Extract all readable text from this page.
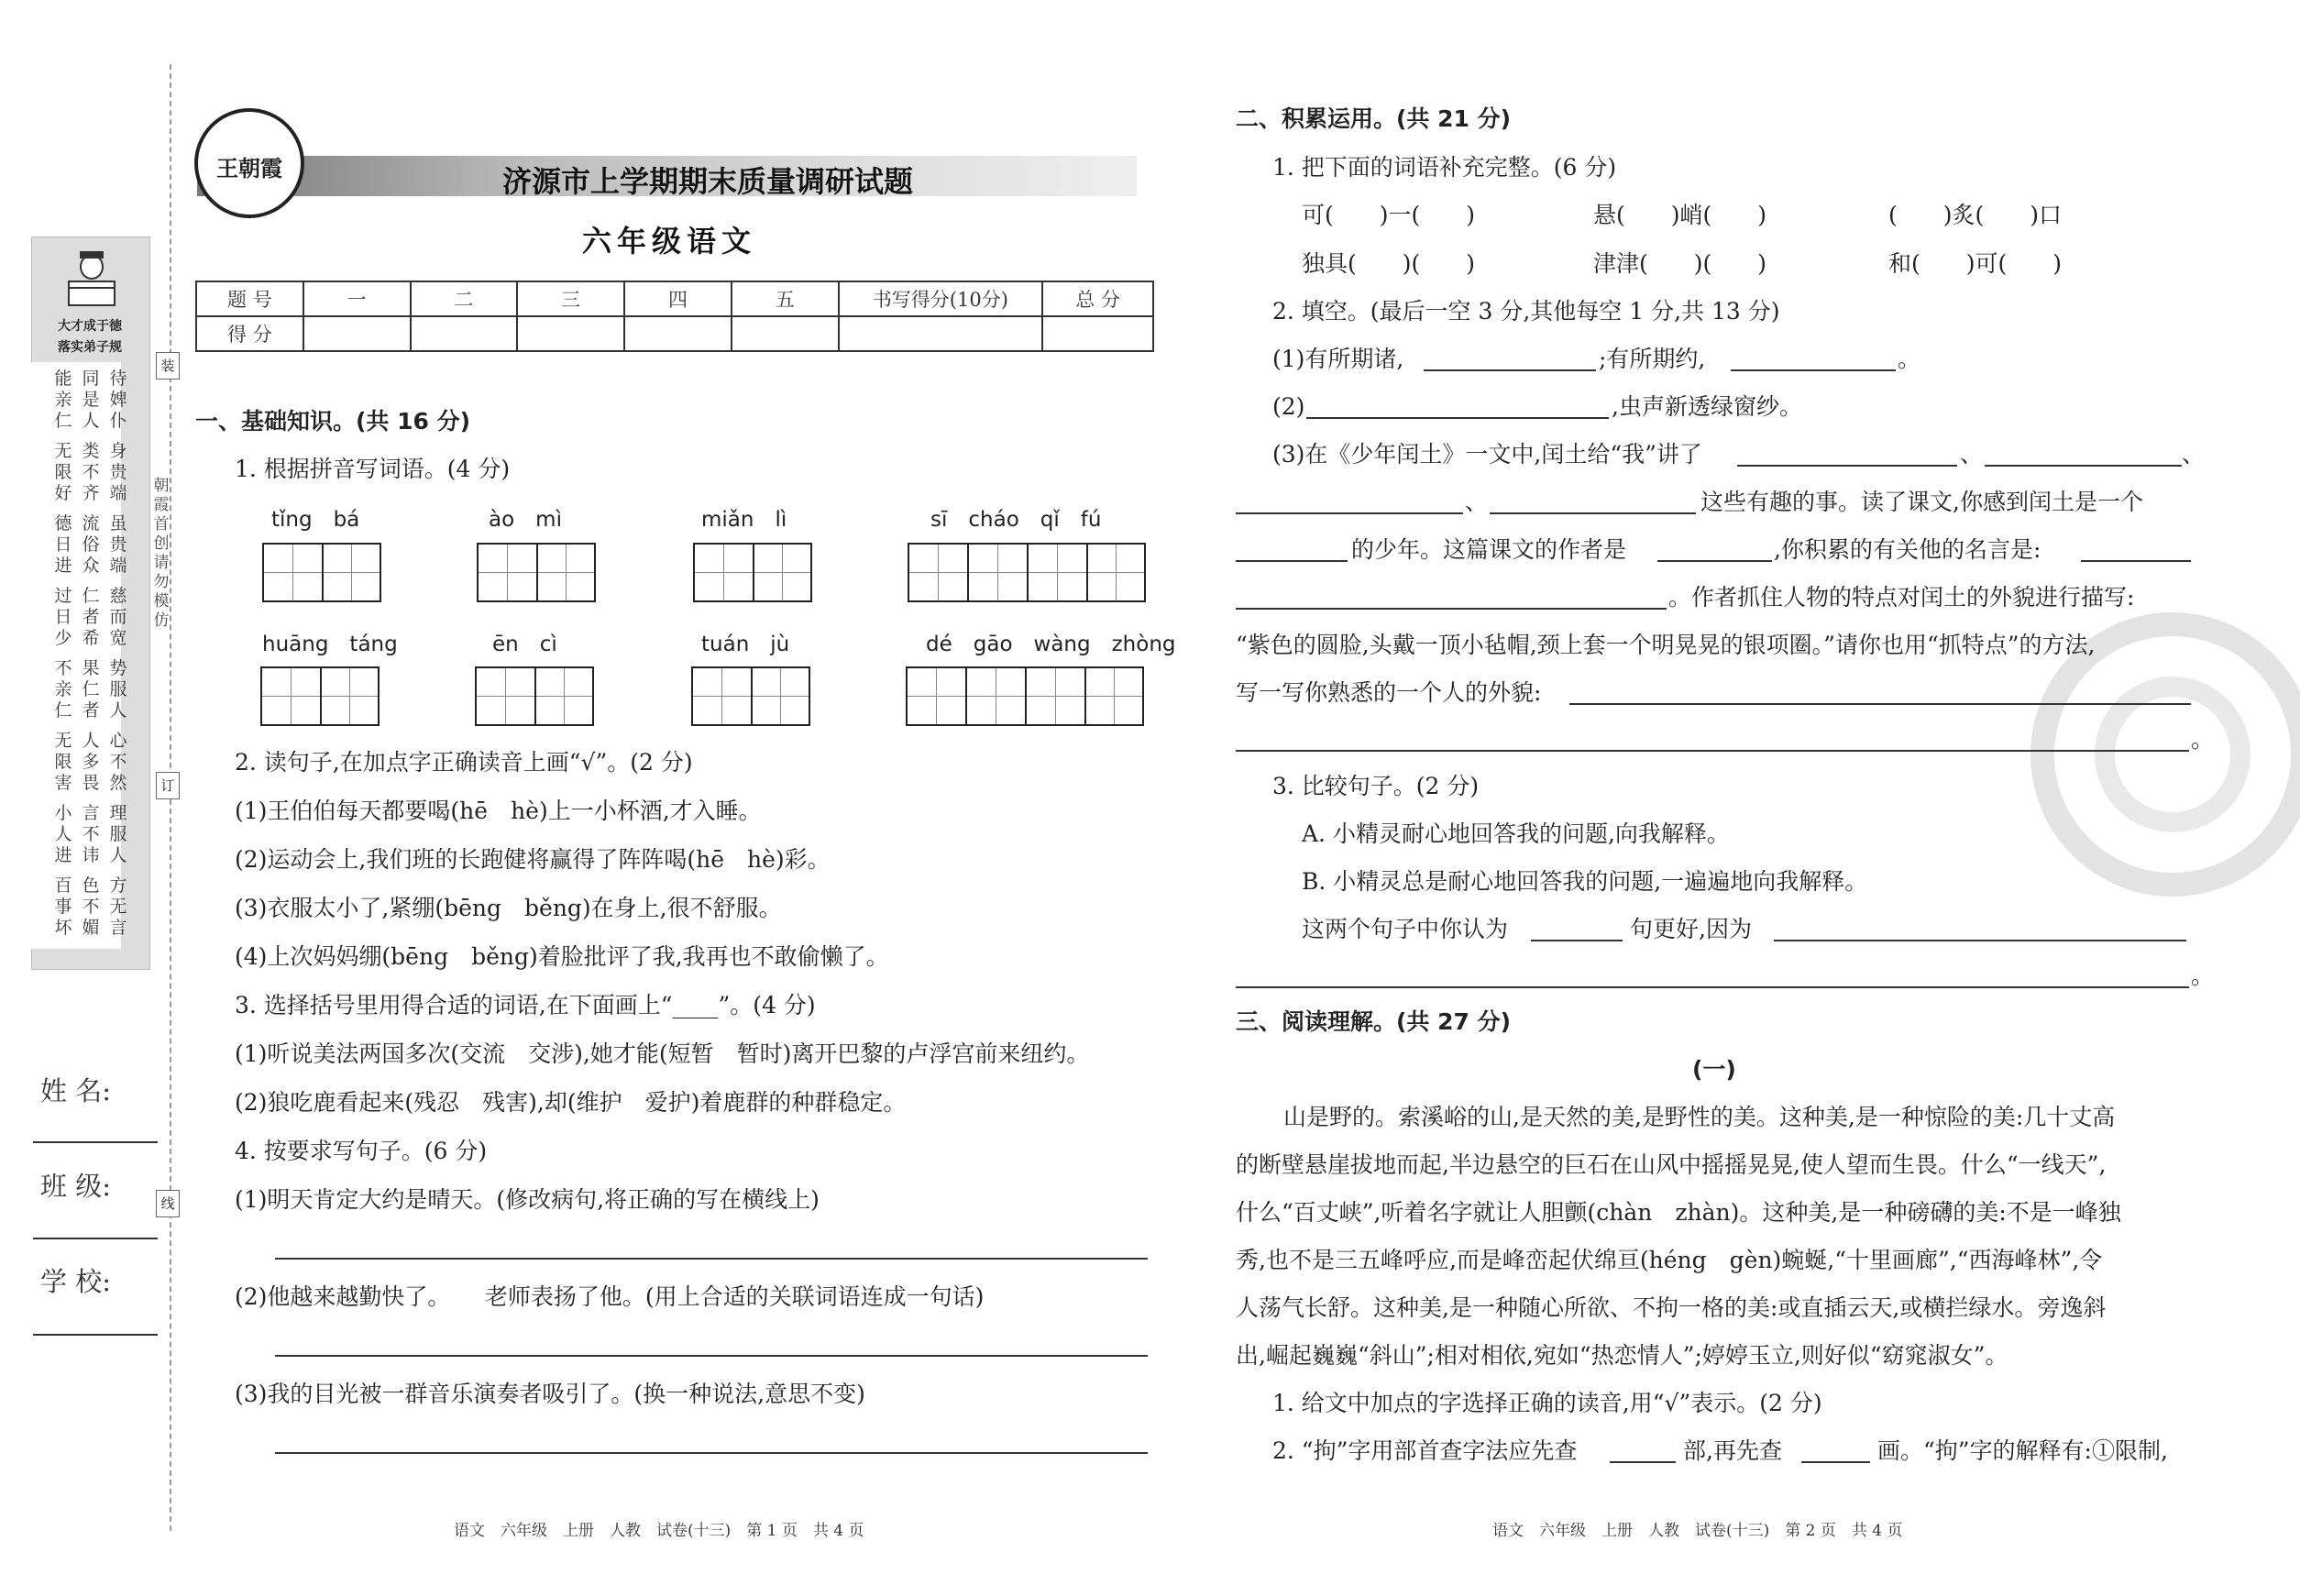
大才成于徳
落实弟子规
能亲仁
同是人
待婢仆
无限好
类不齐
身贵端
德日进
流俗众
虽贵端
过日少
仁者希
慈而宽
不亲仁
果仁者
势服人
无限害
人多畏
心不然
小人进
言不讳
理服人
百事坏
色不媚
方无言
朝霞首创请勿模仿
装
订
线
姓 名:
班 级:
学 校:
王朝霞	济源市上学期期末质量调研试题
六年级语文
题 号	一	二	三	四	五	书写得分(10分)	总 分
得 分							
一、基础知识。(共 16 分)
1. 根据拼音写词语。(4 分)
tǐng　bá	ào　mì	miǎn　lì	sī　cháo　qǐ　fú
huāng　táng	ēn　cì	tuán　jù	dé　gāo　wàng　zhòng
2. 读句子,在加点字正确读音上画“√”。(2 分)
(1)王伯伯每天都要喝(hē　hè)上一小杯酒,才入睡。
(2)运动会上,我们班的长跑健将赢得了阵阵喝(hē　hè)彩。
(3)衣服太小了,紧绷(bēng　běng)在身上,很不舒服。
(4)上次妈妈绷(bēng　běng)着脸批评了我,我再也不敢偷懒了。
3. 选择括号里用得合适的词语,在下面画上“____”。(4 分)
(1)听说美法两国多次(交流　交涉),她才能(短暂　暂时)离开巴黎的卢浮宫前来纽约。
(2)狼吃鹿看起来(残忍　残害),却(维护　爱护)着鹿群的种群稳定。
4. 按要求写句子。(6 分)
(1)明天肯定大约是晴天。(修改病句,将正确的写在横线上)
(2)他越来越勤快了。　　老师表扬了他。(用上合适的关联词语连成一句话)
(3)我的目光被一群音乐演奏者吸引了。(换一种说法,意思不变)
语文　六年级　上册　人教　试卷(十三)　第 1 页　共 4 页
二、积累运用。(共 21 分)
1. 把下面的词语补充完整。(6 分)
可(　　)一(　　)	悬(　　)峭(　　)	(　　)炙(　　)口
独具(　　)(　　)	津津(　　)(　　)	和(　　)可(　　)
2. 填空。(最后一空 3 分,其他每空 1 分,共 13 分)
(1)有所期诸,	;有所期约,	。
(2)	,虫声新透绿窗纱。
(3)在《少年闰土》一文中,闰土给“我”讲了	、	、
、	这些有趣的事。读了课文,你感到闰土是一个
的少年。这篇课文的作者是	,你积累的有关他的名言是:
。作者抓住人物的特点对闰土的外貌进行描写:
“紫色的圆脸,头戴一顶小毡帽,颈上套一个明晃晃的银项圈。”请你也用“抓特点”的方法,
写一写你熟悉的一个人的外貌:
。
3. 比较句子。(2 分)
A. 小精灵耐心地回答我的问题,向我解释。
B. 小精灵总是耐心地回答我的问题,一遍遍地向我解释。
这两个句子中你认为	句更好,因为
。
三、阅读理解。(共 27 分)
(一)
山是野的。索溪峪的山,是天然的美,是野性的美。这种美,是一种惊险的美:几十丈高
的断壁悬崖拔地而起,半边悬空的巨石在山风中摇摇晃晃,使人望而生畏。什么“一线天”,
什么“百丈峡”,听着名字就让人胆颤(chàn　zhàn)。这种美,是一种磅礴的美:不是一峰独
秀,也不是三五峰呼应,而是峰峦起伏绵亘(héng　gèn)蜿蜒,“十里画廊”,“西海峰林”,令
人荡气长舒。这种美,是一种随心所欲、不拘一格的美:或直插云天,或横拦绿水。旁逸斜
出,崛起巍巍“斜山”;相对相依,宛如“热恋情人”;婷婷玉立,则好似“窈窕淑女”。
1. 给文中加点的字选择正确的读音,用“√”表示。(2 分)
2. “拘”字用部首查字法应先查	部,再先查	画。“拘”字的解释有:①限制,
语文　六年级　上册　人教　试卷(十三)　第 2 页　共 4 页
